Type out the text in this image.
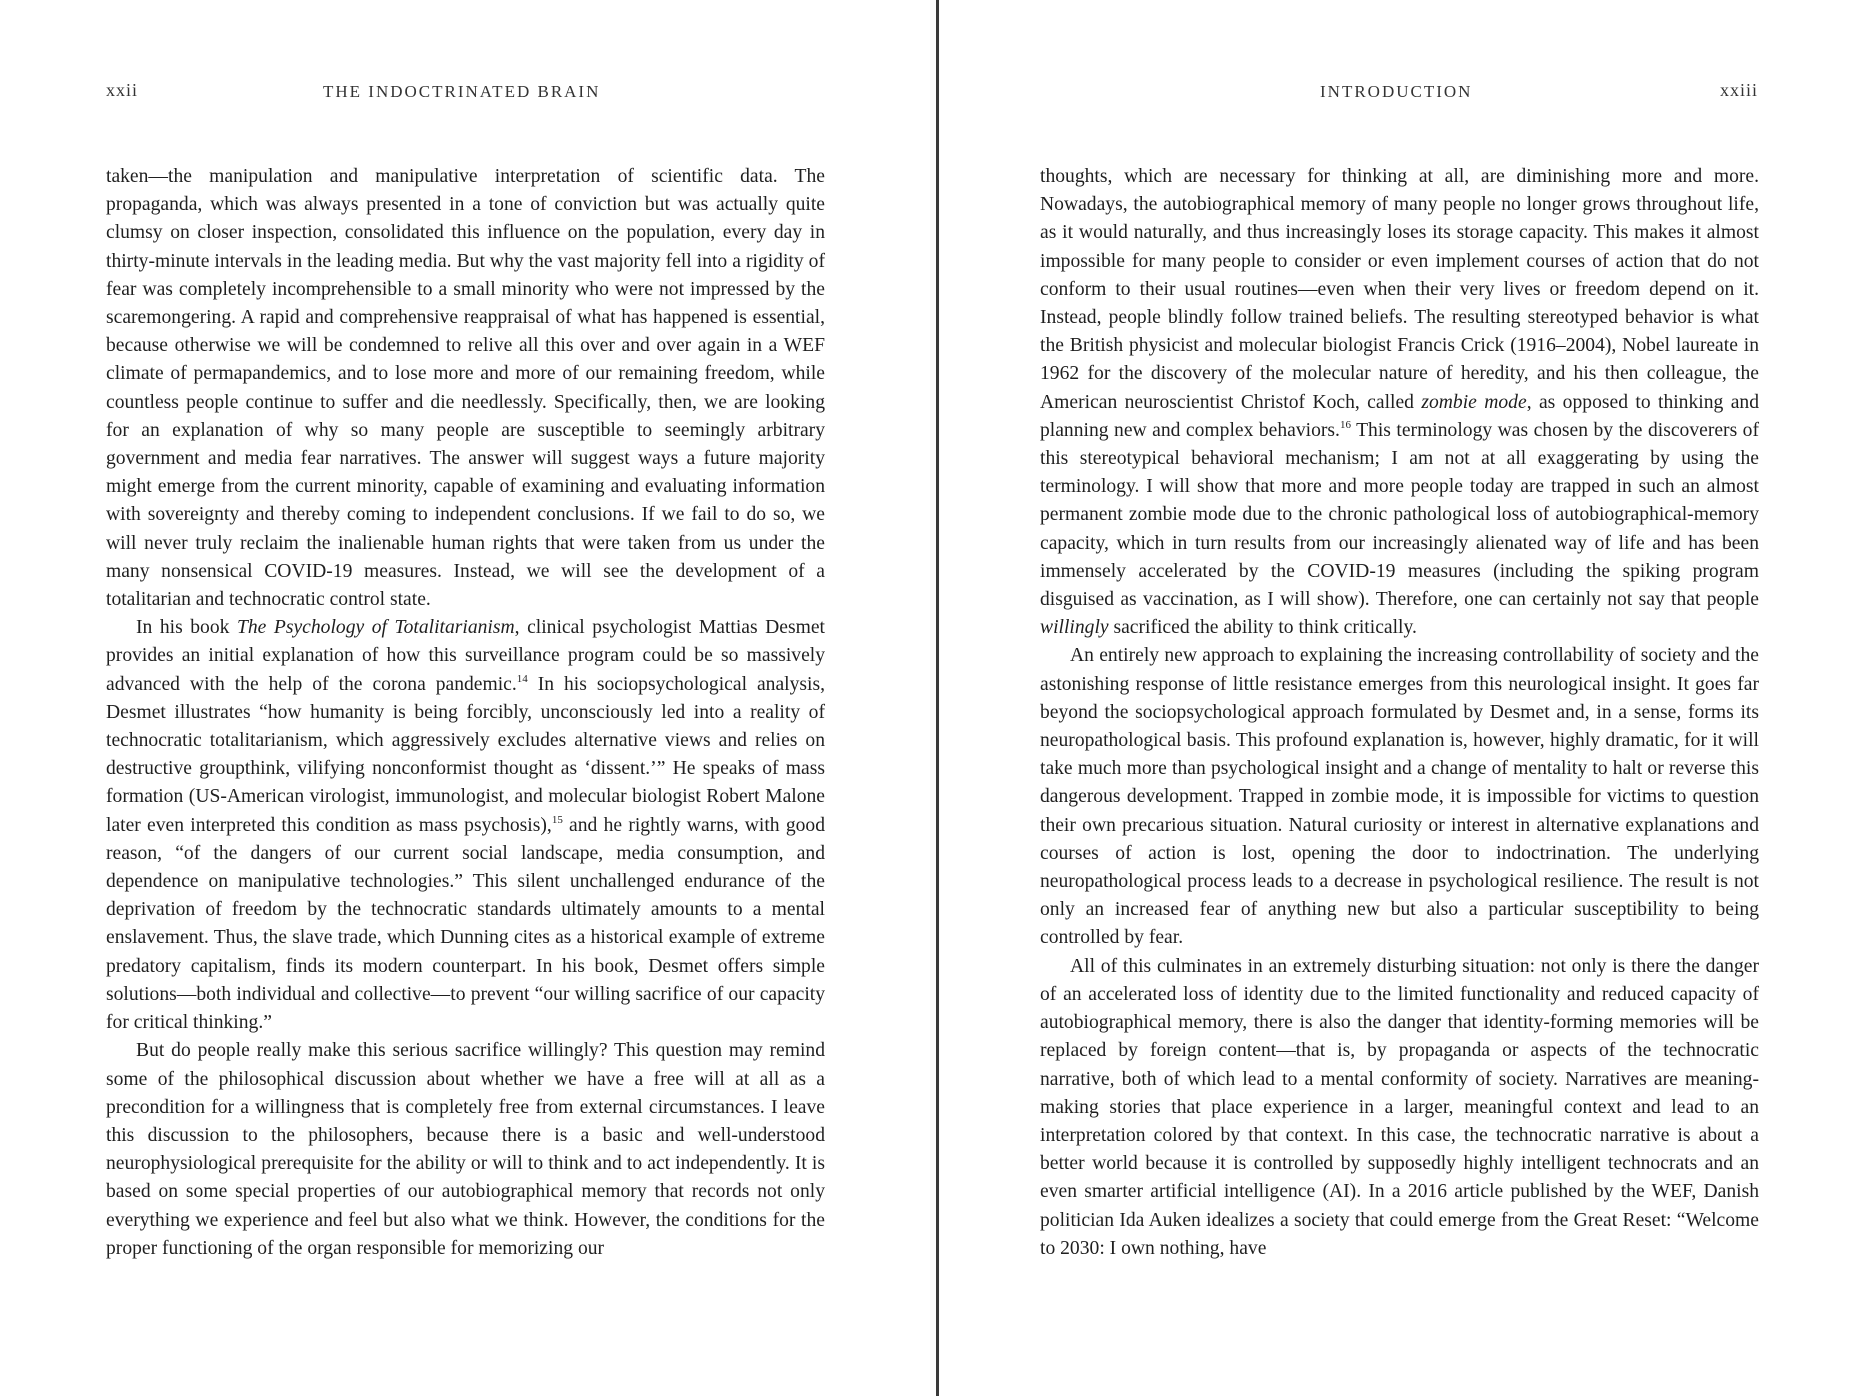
xxii	THE INDOCTRINATED BRAIN

taken—the manipulation and manipulative interpretation of scientific data. The propaganda, which was always presented in a tone of conviction but was actually quite clumsy on closer inspection, consolidated this influence on the population, every day in thirty-minute intervals in the leading media. But why the vast majority fell into a rigidity of fear was completely incomprehensible to a small minority who were not impressed by the scaremongering. A rapid and comprehensive reappraisal of what has happened is essential, because otherwise we will be condemned to relive all this over and over again in a WEF climate of permapandemics, and to lose more and more of our remaining freedom, while countless people continue to suffer and die needlessly. Specifically, then, we are looking for an explanation of why so many people are susceptible to seemingly arbitrary government and media fear narratives. The answer will suggest ways a future majority might emerge from the current minority, capable of examining and evaluating information with sovereignty and thereby coming to independent conclusions. If we fail to do so, we will never truly reclaim the inalienable human rights that were taken from us under the many nonsensical COVID-19 measures. Instead, we will see the development of a totalitarian and technocratic control state.

In his book The Psychology of Totalitarianism, clinical psychologist Mattias Desmet provides an initial explanation of how this surveillance program could be so massively advanced with the help of the corona pandemic.$^{14}$ In his sociopsychological analysis, Desmet illustrates “how humanity is being forcibly, unconsciously led into a reality of technocratic totalitarianism, which aggressively excludes alternative views and relies on destructive groupthink, vilifying nonconformist thought as ‘dissent.’” He speaks of mass formation (US-American virologist, immunologist, and molecular biologist Robert Malone later even interpreted this condition as mass psychosis),$^{15}$ and he rightly warns, with good reason, “of the dangers of our current social landscape, media consumption, and dependence on manipulative technologies.” This silent unchallenged endurance of the deprivation of freedom by the technocratic standards ultimately amounts to a mental enslavement. Thus, the slave trade, which Dunning cites as a historical example of extreme predatory capitalism, finds its modern counterpart. In his book, Desmet offers simple solutions—both individual and collective—to prevent “our willing sacrifice of our capacity for critical thinking.”

But do people really make this serious sacrifice willingly? This question may remind some of the philosophical discussion about whether we have a free will at all as a precondition for a willingness that is completely free from external circumstances. I leave this discussion to the philosophers, because there is a basic and well-understood neurophysiological prerequisite for the ability or will to think and to act independently. It is based on some special properties of our autobiographical memory that records not only everything we experience and feel but also what we think. However, the conditions for the proper functioning of the organ responsible for memorizing our

INTRODUCTION	xxiii

thoughts, which are necessary for thinking at all, are diminishing more and more. Nowadays, the autobiographical memory of many people no longer grows throughout life, as it would naturally, and thus increasingly loses its storage capacity. This makes it almost impossible for many people to consider or even implement courses of action that do not conform to their usual routines—even when their very lives or freedom depend on it. Instead, people blindly follow trained beliefs. The resulting stereotyped behavior is what the British physicist and molecular biologist Francis Crick (1916–2004), Nobel laureate in 1962 for the discovery of the molecular nature of heredity, and his then colleague, the American neuroscientist Christof Koch, called zombie mode, as opposed to thinking and planning new and complex behaviors.$^{16}$ This terminology was chosen by the discoverers of this stereotypical behavioral mechanism; I am not at all exaggerating by using the terminology. I will show that more and more people today are trapped in such an almost permanent zombie mode due to the chronic pathological loss of autobiographical-memory capacity, which in turn results from our increasingly alienated way of life and has been immensely accelerated by the COVID-19 measures (including the spiking program disguised as vaccination, as I will show). Therefore, one can certainly not say that people willingly sacrificed the ability to think critically.

An entirely new approach to explaining the increasing controllability of society and the astonishing response of little resistance emerges from this neurological insight. It goes far beyond the sociopsychological approach formulated by Desmet and, in a sense, forms its neuropathological basis. This profound explanation is, however, highly dramatic, for it will take much more than psychological insight and a change of mentality to halt or reverse this dangerous development. Trapped in zombie mode, it is impossible for victims to question their own precarious situation. Natural curiosity or interest in alternative explanations and courses of action is lost, opening the door to indoctrination. The underlying neuropathological process leads to a decrease in psychological resilience. The result is not only an increased fear of anything new but also a particular susceptibility to being controlled by fear.

All of this culminates in an extremely disturbing situation: not only is there the danger of an accelerated loss of identity due to the limited functionality and reduced capacity of autobiographical memory, there is also the danger that identity-forming memories will be replaced by foreign content—that is, by propaganda or aspects of the technocratic narrative, both of which lead to a mental conformity of society. Narratives are meaning-making stories that place experience in a larger, meaningful context and lead to an interpretation colored by that context. In this case, the technocratic narrative is about a better world because it is controlled by supposedly highly intelligent technocrats and an even smarter artificial intelligence (AI). In a 2016 article published by the WEF, Danish politician Ida Auken idealizes a society that could emerge from the Great Reset: “Welcome to 2030: I own nothing, have
